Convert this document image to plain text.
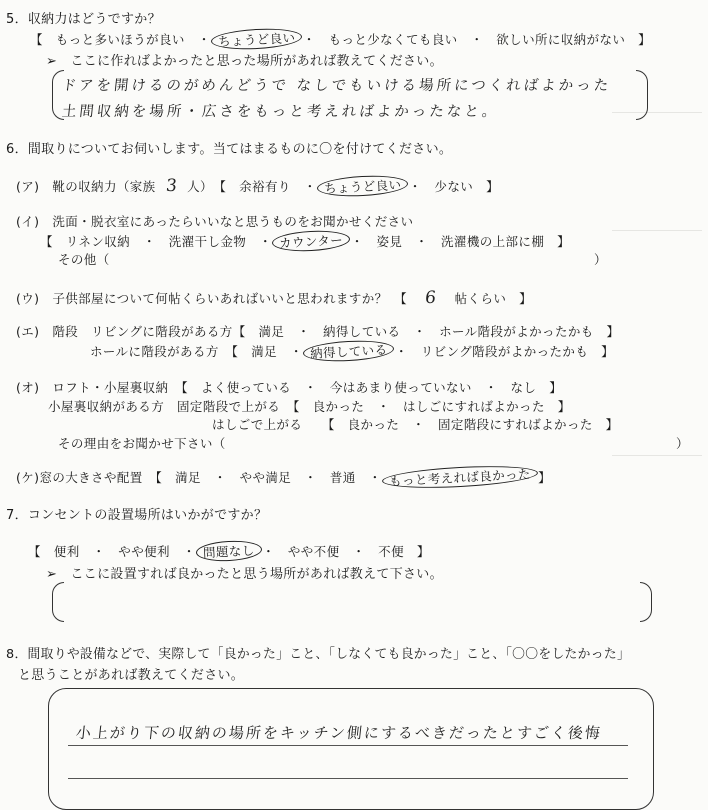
5．収納力はどうですか？
【　もっと多いほうが良い　・ ちょうど良い ・　もっと少なくても良い　・　欲しい所に収納がない　】
➢　ここに作ればよかったと思った場所があれば教えてください。
ドアを開けるのがめんどうで なしでもいける場所につくればよかった
土間収納を場所・広さをもっと考えればよかったなと。
6．間取りについてお伺いします。当てはまるものに〇を付けてください。
(ア)　靴の収納力（家族 3 人）　【　余裕有り　・ ちょうど良い ・　少ない　】
(イ)　洗面・脱衣室にあったらいいなと思うものをお聞かせください
【　リネン収納　・　洗濯干し金物　・ カウンター ・　姿見　・　洗濯機の上部に棚　】
その他（	）
(ウ)　子供部屋について何帖くらいあればいいと思われますか？　【 6 帖くらい　】
(エ)　階段　リビングに階段がある方【　満足　・　納得している　・　ホール階段がよかったかも　】
ホールに階段がある方　【　満足　・ 納得している ・　リビング階段がよかったかも　】
(オ)　ロフト・小屋裏収納　【　よく使っている　・　今はあまり使っていない　・　なし　】
小屋裏収納がある方　固定階段で上がる　【　良かった　・　はしごにすればよかった　】
はしごで上がる　　【　良かった　・　固定階段にすればよかった　】
その理由をお聞かせ下さい（	）
(ケ)窓の大きさや配置　【　満足　・　やや満足　・　普通　・ もっと考えれば良かった 】
7．コンセントの設置場所はいかがですか？
【　便利　・　やや便利　・ 問題なし ・　やや不便　・　不便　】
➢　ここに設置すれば良かったと思う場所があれば教えて下さい。
8．間取りや設備などで、実際して「良かった」こと、「しなくても良かった」こと、「〇〇をしたかった」
と思うことがあれば教えてください。
小上がり下の収納の場所をキッチン側にするべきだったとすごく後悔
